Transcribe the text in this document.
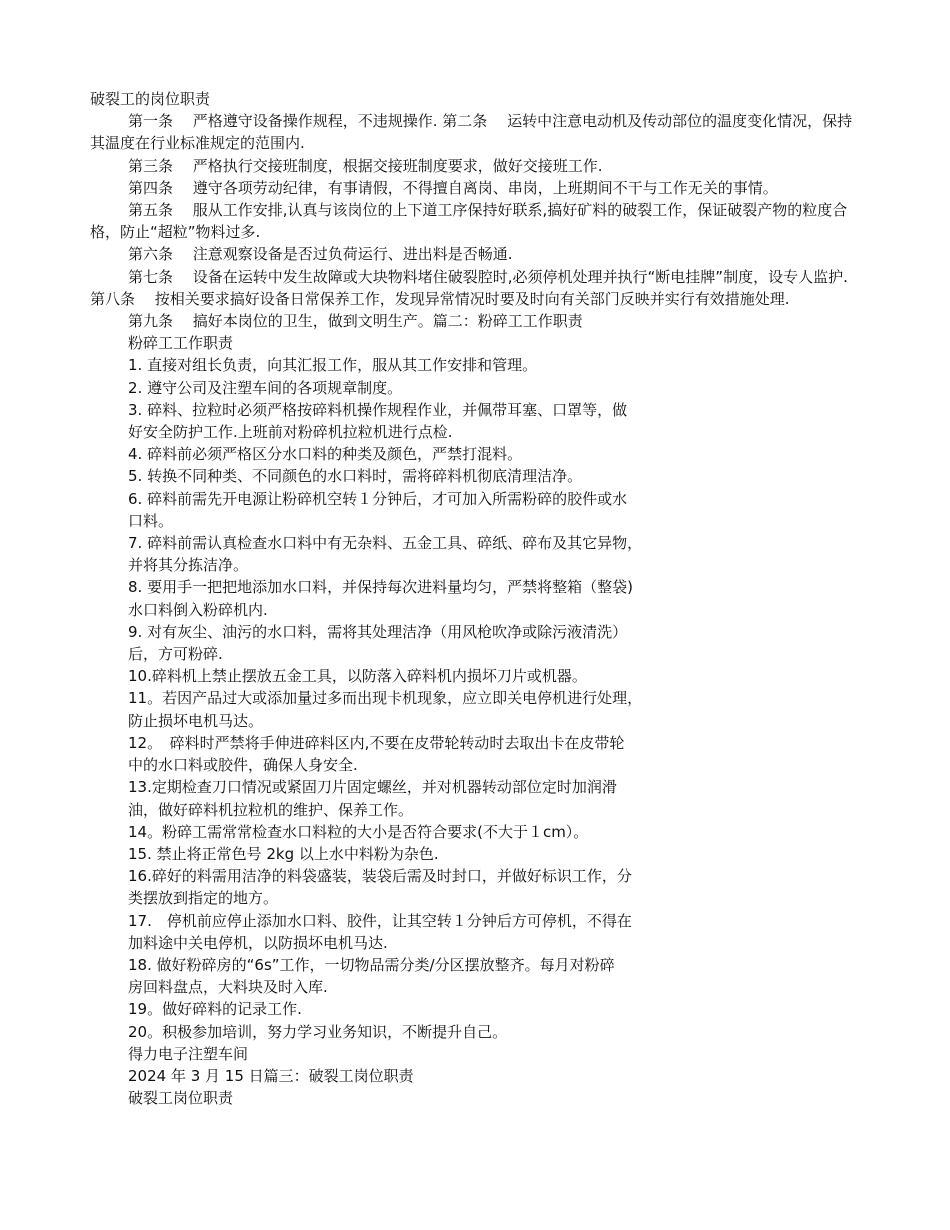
破裂工的岗位职责

第一条　 严格遵守设备操作规程，不违规操作. 第二条　 运转中注意电动机及传动部位的温度变化情况，保持其温度在行业标准规定的范围内.

第三条　 严格执行交接班制度，根据交接班制度要求，做好交接班工作.

第四条　 遵守各项劳动纪律，有事请假，不得擅自离岗、串岗，上班期间不干与工作无关的事情。

第五条　 服从工作安排,认真与该岗位的上下道工序保持好联系,搞好矿料的破裂工作，保证破裂产物的粒度合格，防止“超粒”物料过多.

第六条　 注意观察设备是否过负荷运行、进出料是否畅通.

第七条　 设备在运转中发生故障或大块物料堵住破裂腔时,必须停机处理并执行“断电挂牌”制度，设专人监护. 第八条　 按相关要求搞好设备日常保养工作，发现异常情况时要及时向有关部门反映并实行有效措施处理.

第九条　 搞好本岗位的卫生，做到文明生产。篇二：粉碎工工作职责

粉碎工工作职责
1. 直接对组长负责，向其汇报工作，服从其工作安排和管理。
2. 遵守公司及注塑车间的各项规章制度。
3. 碎料、拉粒时必须严格按碎料机操作规程作业，并佩带耳塞、口罩等，做
好安全防护工作.上班前对粉碎机拉粒机进行点检.
4. 碎料前必须严格区分水口料的种类及颜色，严禁打混料。
5. 转换不同种类、不同颜色的水口料时，需将碎料机彻底清理洁净。
6. 碎料前需先开电源让粉碎机空转１分钟后，才可加入所需粉碎的胶件或水
口料。
7. 碎料前需认真检查水口料中有无杂料、五金工具、碎纸、碎布及其它异物，
并将其分拣洁净。
8. 要用手一把把地添加水口料，并保持每次进料量均匀，严禁将整箱（整袋)
水口料倒入粉碎机内.
9. 对有灰尘、油污的水口料，需将其处理洁净（用风枪吹净或除污液清洗）
后，方可粉碎.
10.碎料机上禁止摆放五金工具，以防落入碎料机内损坏刀片或机器。
11。若因产品过大或添加量过多而出现卡机现象，应立即关电停机进行处理，
防止损坏电机马达。
12。　碎料时严禁将手伸进碎料区内,不要在皮带轮转动时去取出卡在皮带轮
中的水口料或胶件，确保人身安全.
13.定期检查刀口情况或紧固刀片固定螺丝，并对机器转动部位定时加润滑
油，做好碎料机拉粒机的维护、保养工作。
14。粉碎工需常常检查水口料粒的大小是否符合要求(不大于１cm）。
15. 禁止将正常色号 2kg 以上水中料粉为杂色.
16.碎好的料需用洁净的料袋盛装，装袋后需及时封口，并做好标识工作，分
类摆放到指定的地方。
17.　停机前应停止添加水口料、胶件，让其空转１分钟后方可停机，不得在
加料途中关电停机，以防损坏电机马达.
18. 做好粉碎房的“6s”工作，一切物品需分类/分区摆放整齐。每月对粉碎
房回料盘点，大料块及时入库.
19。做好碎料的记录工作.
20。积极参加培训，努力学习业务知识，不断提升自己。
得力电子注塑车间
2024 年 3 月 15 日篇三：破裂工岗位职责
破裂工岗位职责
